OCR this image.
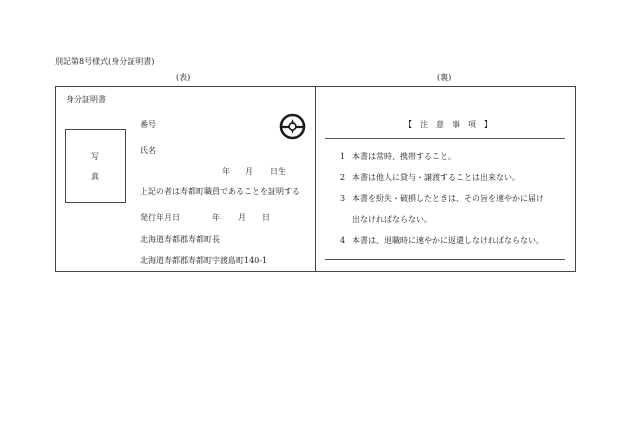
別記第8号様式(身分証明書)
(表)	(裏)
身分証明書
写
真
番号
氏名
年 月 日生
上記の者は寿都町職員であることを証明する
発行年月日	年 月 日
北海道寿都郡寿都町長
北海道寿都郡寿都町字渡島町140-1
【　注　意　事　項　】
1 本書は常時、携帯すること。
2 本書は他人に貸与・譲渡することは出来ない。
3 本書を紛失・破損したときは、その旨を速やかに届け
出なければならない。
4 本書は、退職時に速やかに返還しなければならない。
